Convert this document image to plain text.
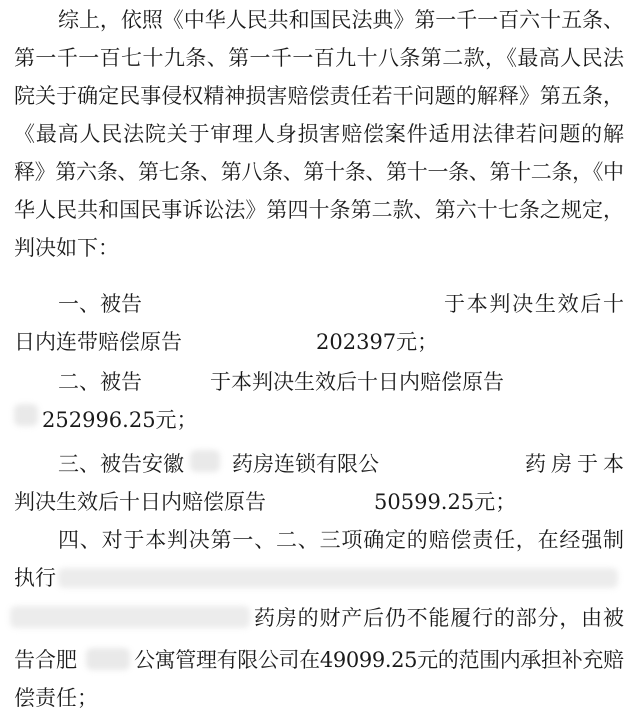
综上，依照《中华人民共和国民法典》第一千一百六十五条、
第一千一百七十九条、第一千一百九十八条第二款，《最高人民法
院关于确定民事侵权精神损害赔偿责任若干问题的解释》第五条，
《最高人民法院关于审理人身损害赔偿案件适用法律若问题的解
释》第六条、第七条、第八条、第十条、第十一条、第十二条，《中
华人民共和国民事诉讼法》第四十条第二款、第六十七条之规定，
判决如下：
一、被告	于本判决生效后十
日内连带赔偿原告	202397元；
二、被告	于本判决生效后十日内赔偿原告
252996.25元；
三、被告安徽 药房连锁有限公	药房于本
判决生效后十日内赔偿原告	50599.25元；
四、对于本判决第一、二、三项确定的赔偿责任，在经强制
执行
药房的财产后仍不能履行的部分，由被
告合肥	公寓管理有限公司在49099.25元的范围内承担补充赔
偿责任；
